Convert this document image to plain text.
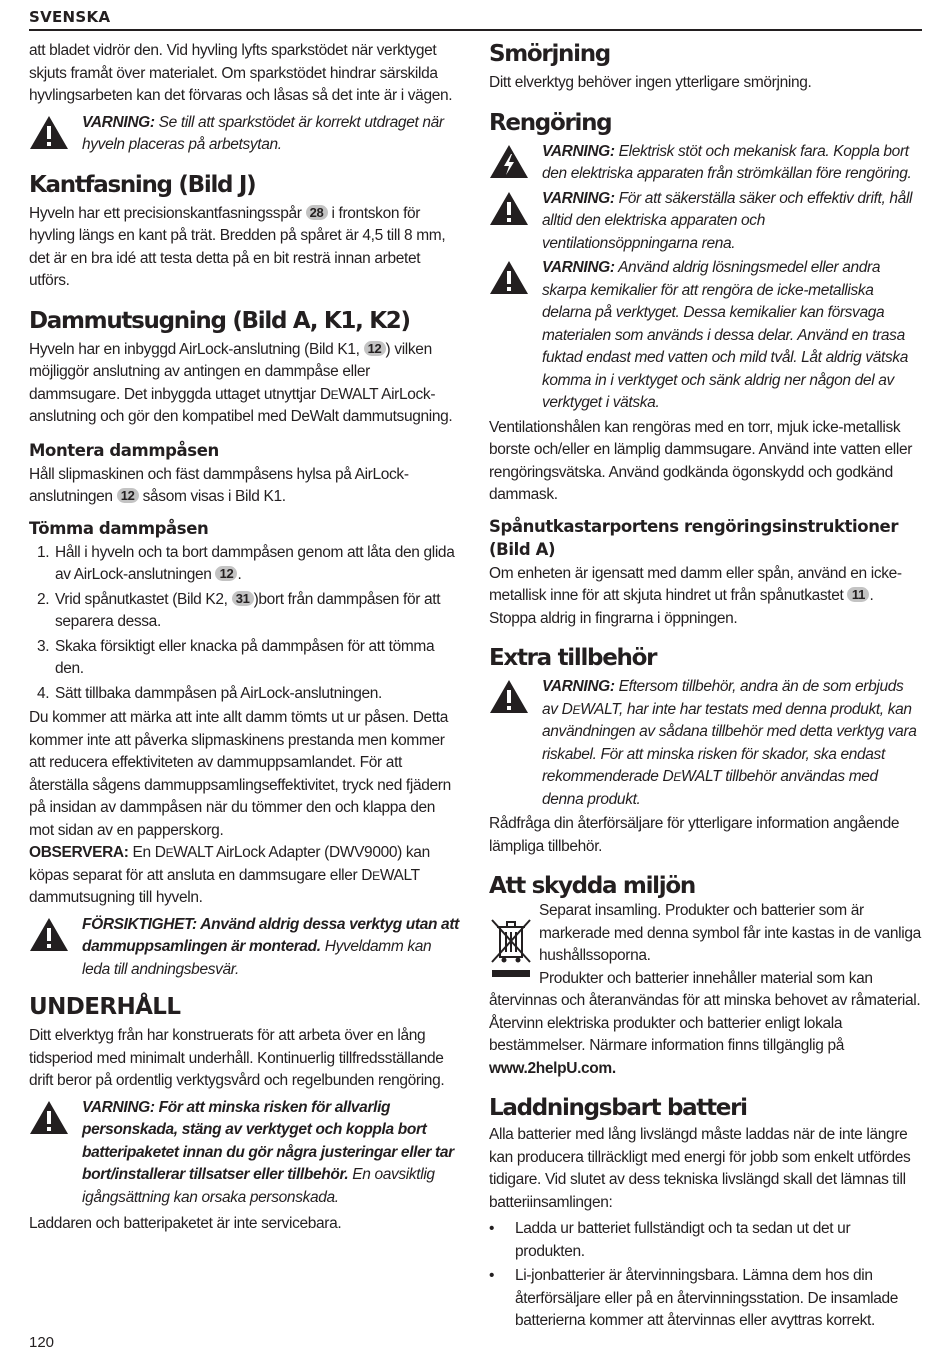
SVENSKA

att bladet vidrör den. Vid hyvling lyfts sparkstödet när verktyget skjuts framåt över materialet. Om sparkstödet hindrar särskilda hyvlingsarbeten kan det förvaras och låsas så det inte är i vägen.

VARNING: Se till att sparkstödet är korrekt utdraget när hyveln placeras på arbetsytan.

Kantfasning (Bild J)

Hyveln har ett precisionskantfasningsspår 28 i frontskon för hyvling längs en kant på trät. Bredden på spåret är 4,5 till 8 mm, det är en bra idé att testa detta på en bit resträ innan arbetet utförs.

Dammutsugning (Bild A, K1, K2)

Hyveln har en inbyggd AirLock-anslutning (Bild K1, 12 ) vilken möjliggör anslutning av antingen en dammpåse eller dammsugare. Det inbyggda uttaget utnyttjar DEWALT AirLock-anslutning och gör den kompatibel med DeWalt dammutsugning.

Montera dammpåsen

Håll slipmaskinen och fäst dammpåsens hylsa på AirLock-anslutningen 12 såsom visas i Bild K1.

Tömma dammpåsen
1. Håll i hyveln och ta bort dammpåsen genom att låta den glida av AirLock-anslutningen 12 .
2. Vrid spånutkastet (Bild K2, 31 )bort från dammpåsen för att separera dessa.
3. Skaka försiktigt eller knacka på dammpåsen för att tömma den.
4. Sätt tillbaka dammpåsen på AirLock-anslutningen.

Du kommer att märka att inte allt damm tömts ut ur påsen. Detta kommer inte att påverka slipmaskinens prestanda men kommer att reducera effektiviteten av dammuppsamlandet. För att återställa sågens dammuppsamlingseffektivitet, tryck ned fjädern på insidan av dammpåsen när du tömmer den och klappa den mot sidan av en papperskorg.

OBSERVERA: En DEWALT AirLock Adapter (DWV9000) kan köpas separat för att ansluta en dammsugare eller DEWALT dammutsugning till hyveln.

FÖRSIKTIGHET: Använd aldrig dessa verktyg utan att dammuppsamlingen är monterad. Hyveldamm kan leda till andningsbesvär.

UNDERHÅLL

Ditt elverktyg från har konstruerats för att arbeta över en lång tidsperiod med minimalt underhåll. Kontinuerlig tillfredsställande drift beror på ordentlig verktygsvård och regelbunden rengöring.

VARNING: För att minska risken för allvarlig personskada, stäng av verktyget och koppla bort batteripaketet innan du gör några justeringar eller tar bort/installerar tillsatser eller tillbehör. En oavsiktlig igångsättning kan orsaka personskada.

Laddaren och batteripaketet är inte servicebara.

Smörjning

Ditt elverktyg behöver ingen ytterligare smörjning.

Rengöring

VARNING: Elektrisk stöt och mekanisk fara. Koppla bort den elektriska apparaten från strömkällan före rengöring.

VARNING: För att säkerställa säker och effektiv drift, håll alltid den elektriska apparaten och ventilationsöppningarna rena.

VARNING: Använd aldrig lösningsmedel eller andra skarpa kemikalier för att rengöra de icke-metalliska delarna på verktyget. Dessa kemikalier kan försvaga materialen som används i dessa delar. Använd en trasa fuktad endast med vatten och mild tvål. Låt aldrig vätska komma in i verktyget och sänk aldrig ner någon del av verktyget i vätska.

Ventilationshålen kan rengöras med en torr, mjuk icke-metallisk borste och/eller en lämplig dammsugare. Använd inte vatten eller rengöringsvätska. Använd godkända ögonskydd och godkänd dammask.

Spånutkastarportens rengöringsinstruktioner (Bild A)

Om enheten är igensatt med damm eller spån, använd en icke-metallisk inne för att skjuta hindret ut från spånutkastet 11 . Stoppa aldrig in fingrarna i öppningen.

Extra tillbehör

VARNING: Eftersom tillbehör, andra än de som erbjuds av DEWALT, har inte har testats med denna produkt, kan användningen av sådana tillbehör med detta verktyg vara riskabel. För att minska risken för skador, ska endast rekommenderade DEWALT tillbehör användas med denna produkt.

Rådfråga din återförsäljare för ytterligare information angående lämpliga tillbehör.

Att skydda miljön

Separat insamling. Produkter och batterier som är markerade med denna symbol får inte kastas in de vanliga hushållssoporna.

Produkter och batterier innehåller material som kan återvinnas och återanvändas för att minska behovet av råmaterial. Återvinn elektriska produkter och batterier enligt lokala bestämmelser. Närmare information finns tillgänglig på www.2helpU.com.

Laddningsbart batteri

Alla batterier med lång livslängd måste laddas när de inte längre kan producera tillräckligt med energi för jobb som enkelt utfördes tidigare. Vid slutet av dess tekniska livslängd skall det lämnas till batteriinsamlingen:

•	Ladda ur batteriet fullständigt och ta sedan ut det ur produkten.
•	Li-jonbatterier är återvinningsbara. Lämna dem hos din återförsäljare eller på en återvinningsstation. De insamlade batterierna kommer att återvinnas eller avyttras korrekt.
120
